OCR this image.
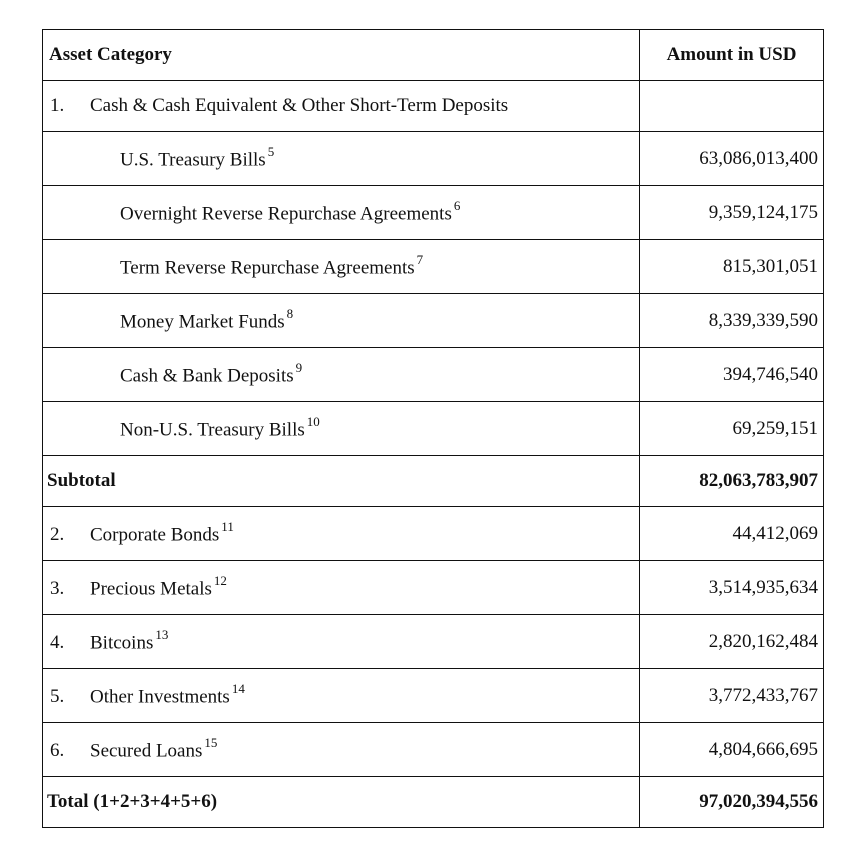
Asset Category	Amount in USD
1. Cash & Cash Equivalent & Other Short-Term Deposits	
U.S. Treasury Bills $^5$	63,086,013,400
Overnight Reverse Repurchase Agreements $^6$	9,359,124,175
Term Reverse Repurchase Agreements $^7$	815,301,051
Money Market Funds $^8$	8,339,339,590
Cash & Bank Deposits $^9$	394,746,540
Non-U.S. Treasury Bills $^{10}$	69,259,151
Subtotal	82,063,783,907
2. Corporate Bonds $^{11}$	44,412,069
3. Precious Metals $^{12}$	3,514,935,634
4. Bitcoins $^{13}$	2,820,162,484
5. Other Investments $^{14}$	3,772,433,767
6. Secured Loans $^{15}$	4,804,666,695
Total (1+2+3+4+5+6)	97,020,394,556
